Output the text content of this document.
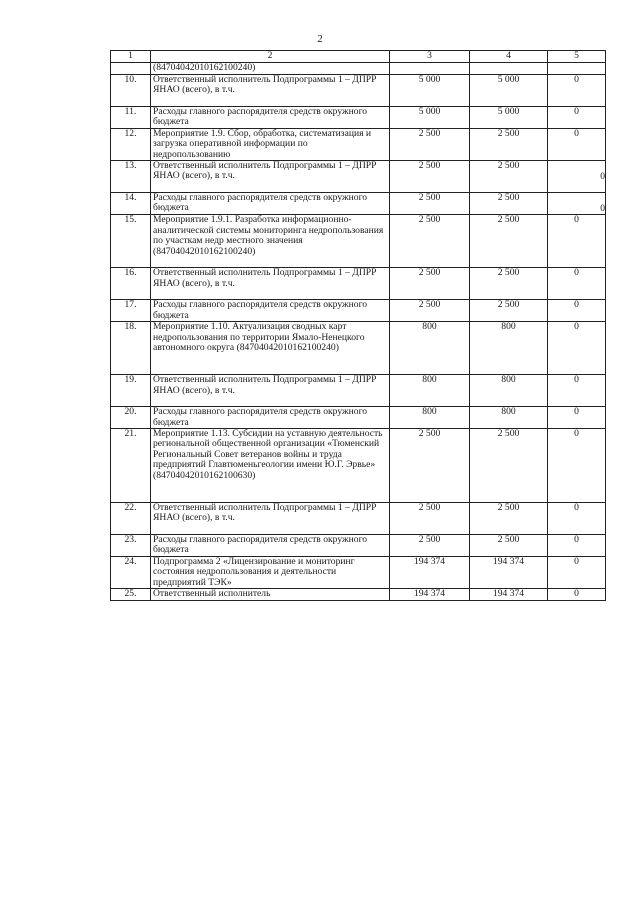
2
1	2	3	4	5
	(84704042010162100240)			
10.	Ответственный исполнитель Подпрограммы 1 – ДПРР ЯНАО (всего), в т.ч.	5 000	5 000	0
11.	Расходы главного распорядителя средств окружного бюджета	5 000	5 000	0
12.	Мероприятие 1.9. Сбор, обработка, систематизация и загрузка оперативной информации по недропользованию	2 500	2 500	0
13.	Ответственный исполнитель Подпрограммы 1 – ДПРР ЯНАО (всего), в т.ч.	2 500	2 500	0

14.	Расходы главного распорядителя средств окружного бюджета	2 500	2 500	0

15.	Мероприятие 1.9.1. Разработка информационно-аналитической системы мониторинга недропользования по участкам недр местного значения (84704042010162100240)	2 500	2 500	0
16.	Ответственный исполнитель Подпрограммы 1 – ДПРР ЯНАО (всего), в т.ч.	2 500	2 500	0
17.	Расходы главного распорядителя средств окружного бюджета	2 500	2 500	0
18.	Мероприятие 1.10. Актуализация сводных карт недропользования по территории Ямало-Ненецкого автономного округа (84704042010162100240)	800	800	0
19.	Ответственный исполнитель Подпрограммы 1 – ДПРР ЯНАО (всего), в т.ч.	800	800	0
20.	Расходы главного распорядителя средств окружного бюджета	800	800	0
21.	Мероприятие 1.13. Субсидии на уставную деятельность региональной общественной организации «Тюменский Региональный Совет ветеранов войны и труда предприятий Главтюменьгеологии имени Ю.Г. Эрвье» (84704042010162100630)	2 500	2 500	0
22.	Ответственный исполнитель Подпрограммы 1 – ДПРР ЯНАО (всего), в т.ч.	2 500	2 500	0
23.	Расходы главного распорядителя средств окружного бюджета	2 500	2 500	0
24.	Подпрограмма 2 «Лицензирование и мониторинг состояния недропользования и деятельности предприятий ТЭК»	194 374	194 374	0
25.	Ответственный исполнитель	194 374	194 374	0
